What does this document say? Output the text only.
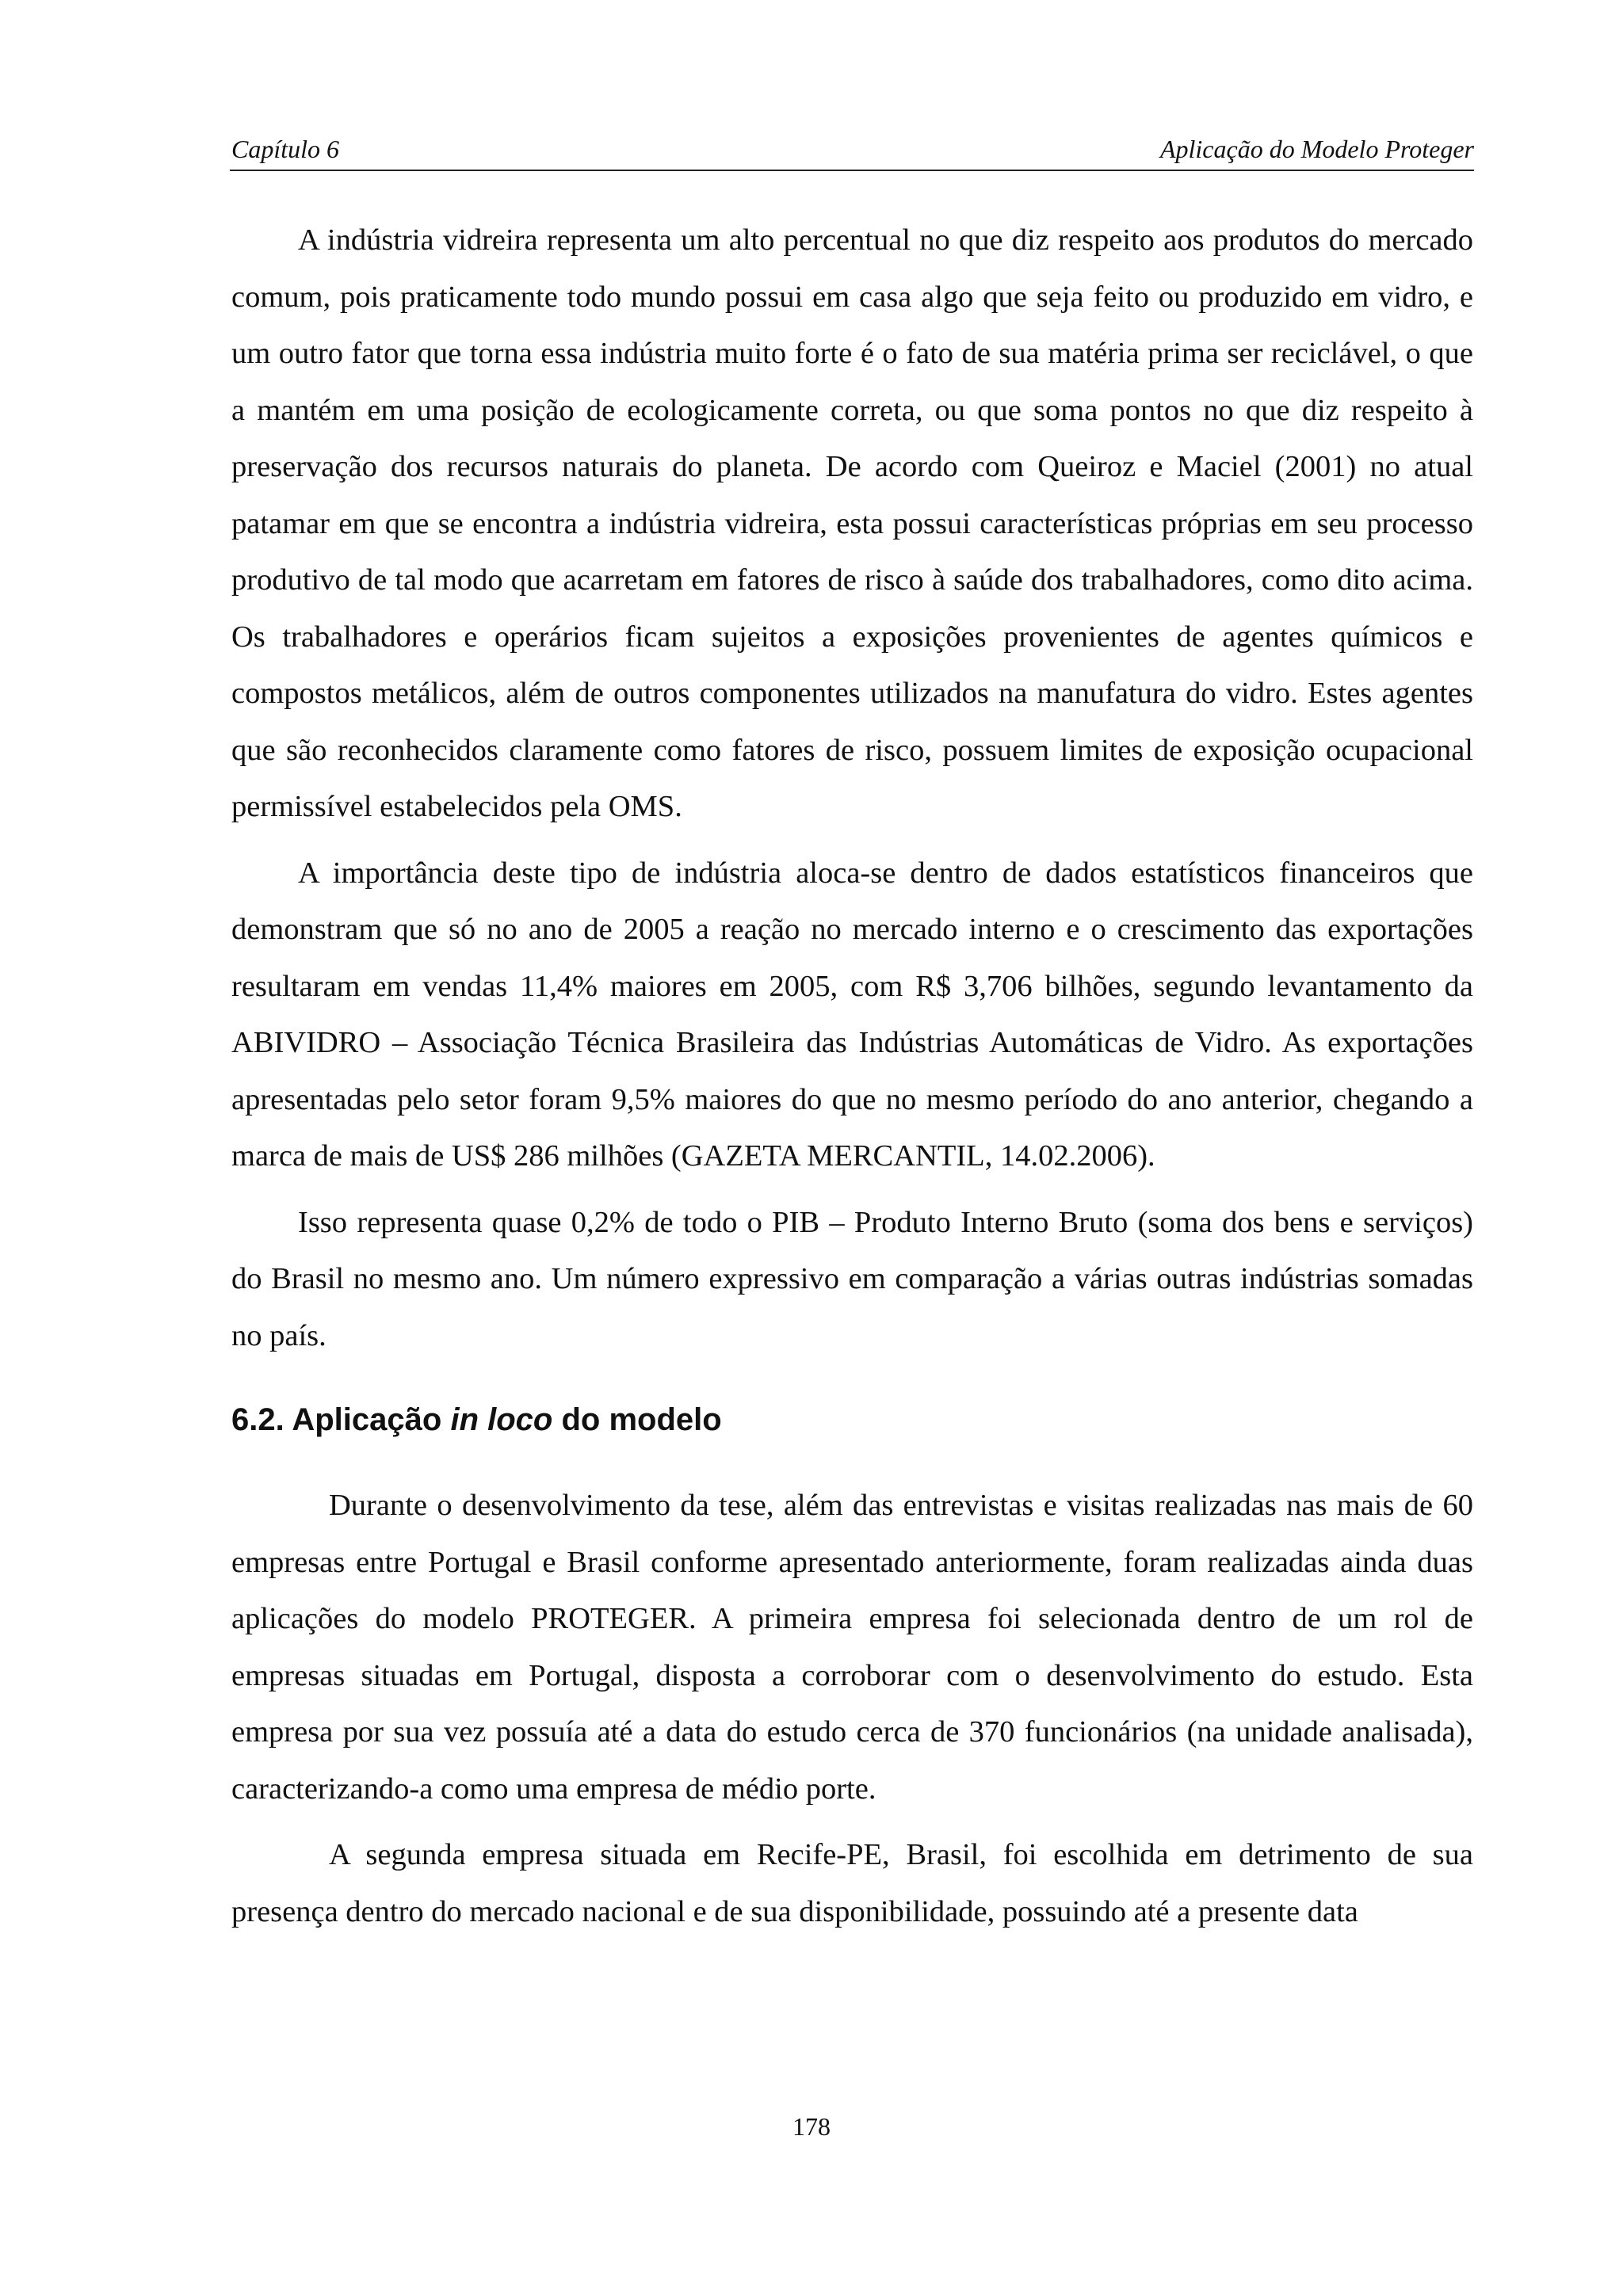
Capítulo 6	Aplicação do Modelo Proteger

A indústria vidreira representa um alto percentual no que diz respeito aos produtos do mercado comum, pois praticamente todo mundo possui em casa algo que seja feito ou produzido em vidro, e um outro fator que torna essa indústria muito forte é o fato de sua matéria prima ser reciclável, o que a mantém em uma posição de ecologicamente correta, ou que soma pontos no que diz respeito à preservação dos recursos naturais do planeta. De acordo com Queiroz e Maciel (2001) no atual patamar em que se encontra a indústria vidreira, esta possui características próprias em seu processo produtivo de tal modo que acarretam em fatores de risco à saúde dos trabalhadores, como dito acima. Os trabalhadores e operários ficam sujeitos a exposições provenientes de agentes químicos e compostos metálicos, além de outros componentes utilizados na manufatura do vidro. Estes agentes que são reconhecidos claramente como fatores de risco, possuem limites de exposição ocupacional permissível estabelecidos pela OMS.

A importância deste tipo de indústria aloca-se dentro de dados estatísticos financeiros que demonstram que só no ano de 2005 a reação no mercado interno e o crescimento das exportações resultaram em vendas 11,4% maiores em 2005, com R$ 3,706 bilhões, segundo levantamento da ABIVIDRO – Associação Técnica Brasileira das Indústrias Automáticas de Vidro. As exportações apresentadas pelo setor foram 9,5% maiores do que no mesmo período do ano anterior, chegando a marca de mais de US$ 286 milhões (GAZETA MERCANTIL, 14.02.2006).

Isso representa quase 0,2% de todo o PIB – Produto Interno Bruto (soma dos bens e serviços) do Brasil no mesmo ano. Um número expressivo em comparação a várias outras indústrias somadas no país.

6.2. Aplicação in loco do modelo

Durante o desenvolvimento da tese, além das entrevistas e visitas realizadas nas mais de 60 empresas entre Portugal e Brasil conforme apresentado anteriormente, foram realizadas ainda duas aplicações do modelo PROTEGER. A primeira empresa foi selecionada dentro de um rol de empresas situadas em Portugal, disposta a corroborar com o desenvolvimento do estudo. Esta empresa por sua vez possuía até a data do estudo cerca de 370 funcionários (na unidade analisada), caracterizando-a como uma empresa de médio porte.

A segunda empresa situada em Recife-PE, Brasil, foi escolhida em detrimento de sua presença dentro do mercado nacional e de sua disponibilidade, possuindo até a presente data

178
